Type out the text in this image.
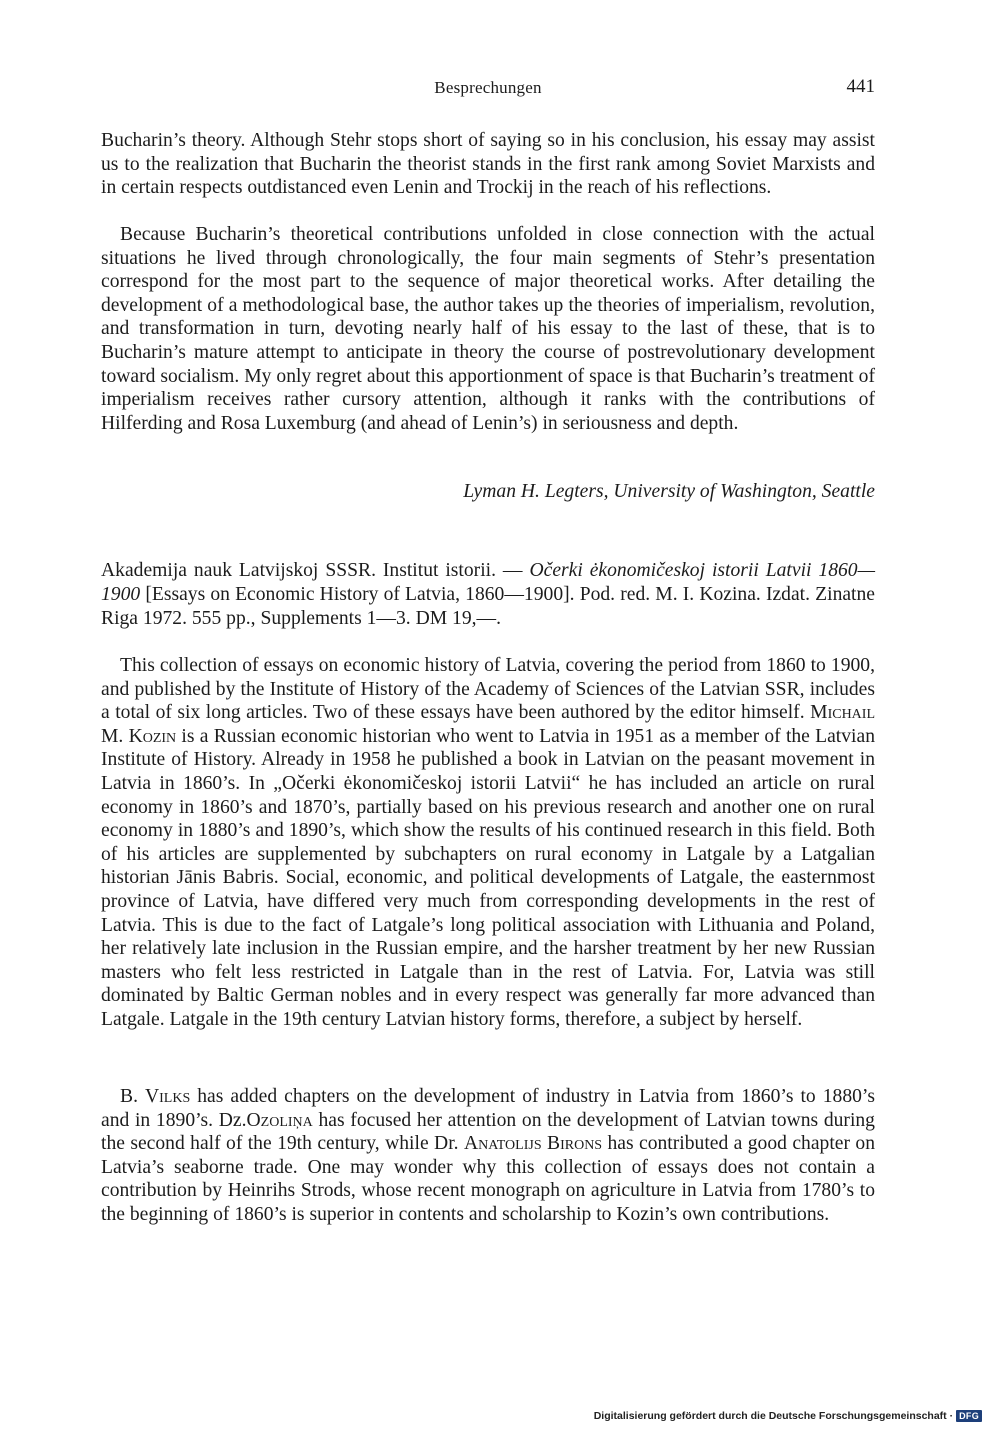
Besprechungen	441

Bucharin’s theory. Although Stehr stops short of saying so in his conclusion, his essay may assist us to the realization that Bucharin the theorist stands in the first rank among Soviet Marxists and in certain respects outdistanced even Lenin and Trockij in the reach of his reflections.

Because Bucharin’s theoretical contributions unfolded in close connection with the actual situations he lived through chronologically, the four main segments of Stehr’s presentation correspond for the most part to the sequence of major theoretical works. After detailing the development of a methodological base, the author takes up the theories of imperialism, revolution, and transformation in turn, devoting nearly half of his essay to the last of these, that is to Bucharin’s mature attempt to anticipate in theory the course of postrevolutionary development toward socialism. My only regret about this apportionment of space is that Bucharin’s treatment of imperialism receives rather cursory attention, although it ranks with the contributions of Hilferding and Rosa Luxemburg (and ahead of Lenin’s) in seriousness and depth.

Lyman H. Legters, University of Washington, Seattle

Akademija nauk Latvijskoj SSSR. Institut istorii. — Očerki ėkonomičeskoj istorii Latvii 1860—1900 [Essays on Economic History of Latvia, 1860—1900]. Pod. red. M. I. Kozina. Izdat. Zinatne Riga 1972. 555 pp., Supplements 1—3. DM 19,—.

This collection of essays on economic history of Latvia, covering the period from 1860 to 1900, and published by the Institute of History of the Academy of Sciences of the Latvian SSR, includes a total of six long articles. Two of these essays have been authored by the editor himself. Michail M. Kozin is a Russian economic historian who went to Latvia in 1951 as a member of the Latvian Institute of History. Already in 1958 he published a book in Latvian on the peasant movement in Latvia in 1860’s. In „Očerki ėkonomičeskoj istorii Latvii“ he has included an article on rural economy in 1860’s and 1870’s, partially based on his previous research and another one on rural economy in 1880’s and 1890’s, which show the results of his continued research in this field. Both of his articles are supplemented by subchapters on rural economy in Latgale by a Latgalian historian Jānis Babris. Social, economic, and political developments of Latgale, the easternmost province of Latvia, have differed very much from corresponding developments in the rest of Latvia. This is due to the fact of Latgale’s long political association with Lithuania and Poland, her relatively late inclusion in the Russian empire, and the harsher treatment by her new Russian masters who felt less restricted in Latgale than in the rest of Latvia. For, Latvia was still dominated by Baltic German nobles and in every respect was generally far more advanced than Latgale. Latgale in the 19th century Latvian history forms, therefore, a subject by herself.

B. Vilks has added chapters on the development of industry in Latvia from 1860’s to 1880’s and in 1890’s. Dz.Ozoliņa has focused her attention on the development of Latvian towns during the second half of the 19th century, while Dr. Anatolijs Birons has contributed a good chapter on Latvia’s seaborne trade. One may wonder why this collection of essays does not contain a contribution by Heinrihs Strods, whose recent monograph on agriculture in Latvia from 1780’s to the beginning of 1860’s is superior in contents and scholarship to Kozin’s own contributions.

Digitalisierung gefördert durch die Deutsche Forschungsgemeinschaft · DFG
